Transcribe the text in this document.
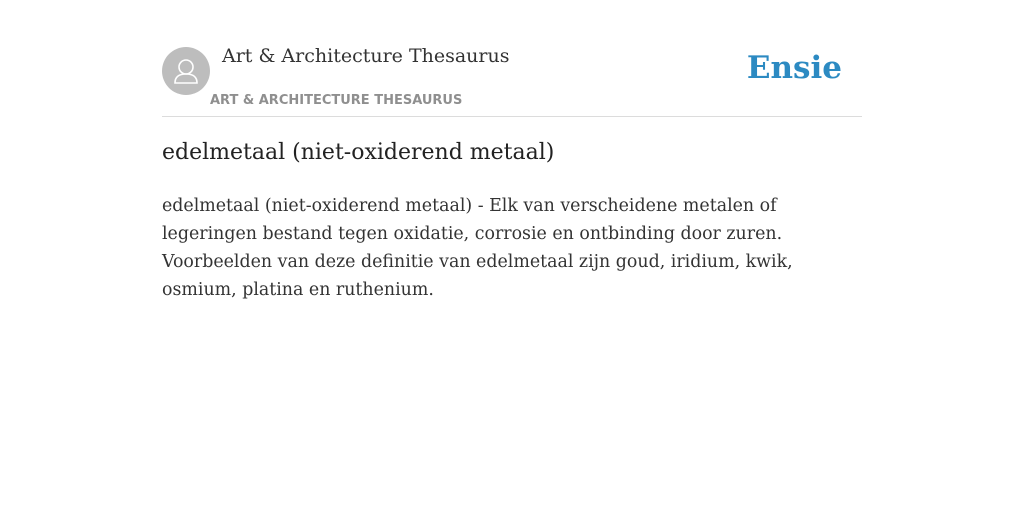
Art & Architecture Thesaurus
ART & ARCHITECTURE THESAURUS
Ensie
edelmetaal (niet-oxiderend metaal)

edelmetaal (niet-oxiderend metaal) - Elk van verscheidene metalen of legeringen bestand tegen oxidatie, corrosie en ontbinding door zuren. Voorbeelden van deze definitie van edelmetaal zijn goud, iridium, kwik, osmium, platina en ruthenium.
